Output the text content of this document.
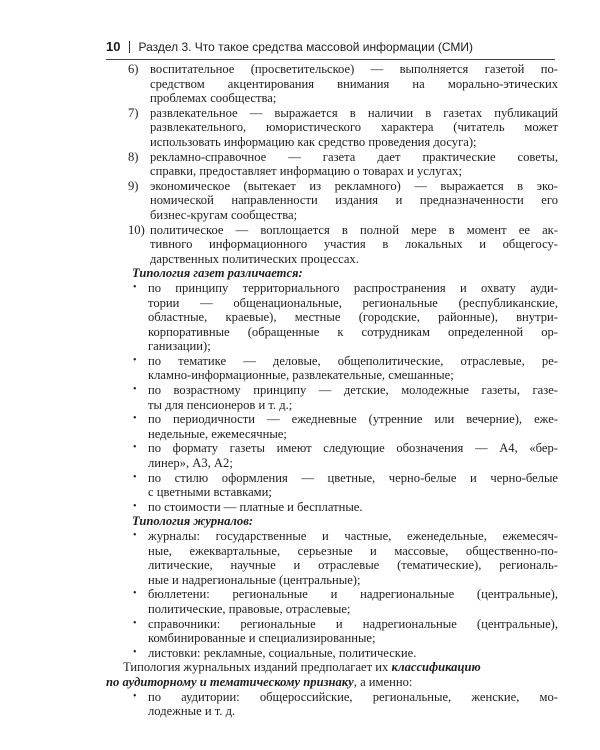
10 Раздел 3. Что такое средства массовой информации (СМИ)
6) воспитательное (просветительское) — выполняется газетой по-
средством акцентирования внимания на морально-этических
проблемах сообщества;
7) развлекательное — выражается в наличии в газетах публикаций
развлекательного, юмористического характера (читатель может
использовать информацию как средство проведения досуга);
8) рекламно-справочное — газета дает практические советы,
справки, предоставляет информацию о товарах и услугах;
9) экономическое (вытекает из рекламного) — выражается в эко-
номической направленности издания и предназначенности его
бизнес-кругам сообщества;
10) политическое — воплощается в полной мере в момент ее ак-
тивного информационного участия в локальных и общегосу-
дарственных политических процессах.
Типология газет различается:
• по принципу территориального распространения и охвату ауди-
тории — общенациональные, региональные (республиканские,
областные, краевые), местные (городские, районные), внутри-
корпоративные (обращенные к сотрудникам определенной ор-
ганизации);
• по тематике — деловые, общеполитические, отраслевые, ре-
кламно-информационные, развлекательные, смешанные;
• по возрастному принципу — детские, молодежные газеты, газе-
ты для пенсионеров и т. д.;
• по периодичности — ежедневные (утренние или вечерние), еже-
недельные, ежемесячные;
• по формату газеты имеют следующие обозначения — А4, «бер-
линер», А3, А2;
• по стилю оформления — цветные, черно-белые и черно-белые
с цветными вставками;
• по стоимости — платные и бесплатные.
Типология журналов:
• журналы: государственные и частные, еженедельные, ежемесяч-
ные, ежеквартальные, серьезные и массовые, общественно-по-
литические, научные и отраслевые (тематические), региональ-
ные и надрегиональные (центральные);
• бюллетени: региональные и надрегиональные (центральные),
политические, правовые, отраслевые;
• справочники: региональные и надрегиональные (центральные),
комбинированные и специализированные;
• листовки: рекламные, социальные, политические.
Типология журнальных изданий предполагает их классификацию
по аудиторному и тематическому признаку, а именно:
• по аудитории: общероссийские, региональные, женские, мо-
лодежные и т. д.
